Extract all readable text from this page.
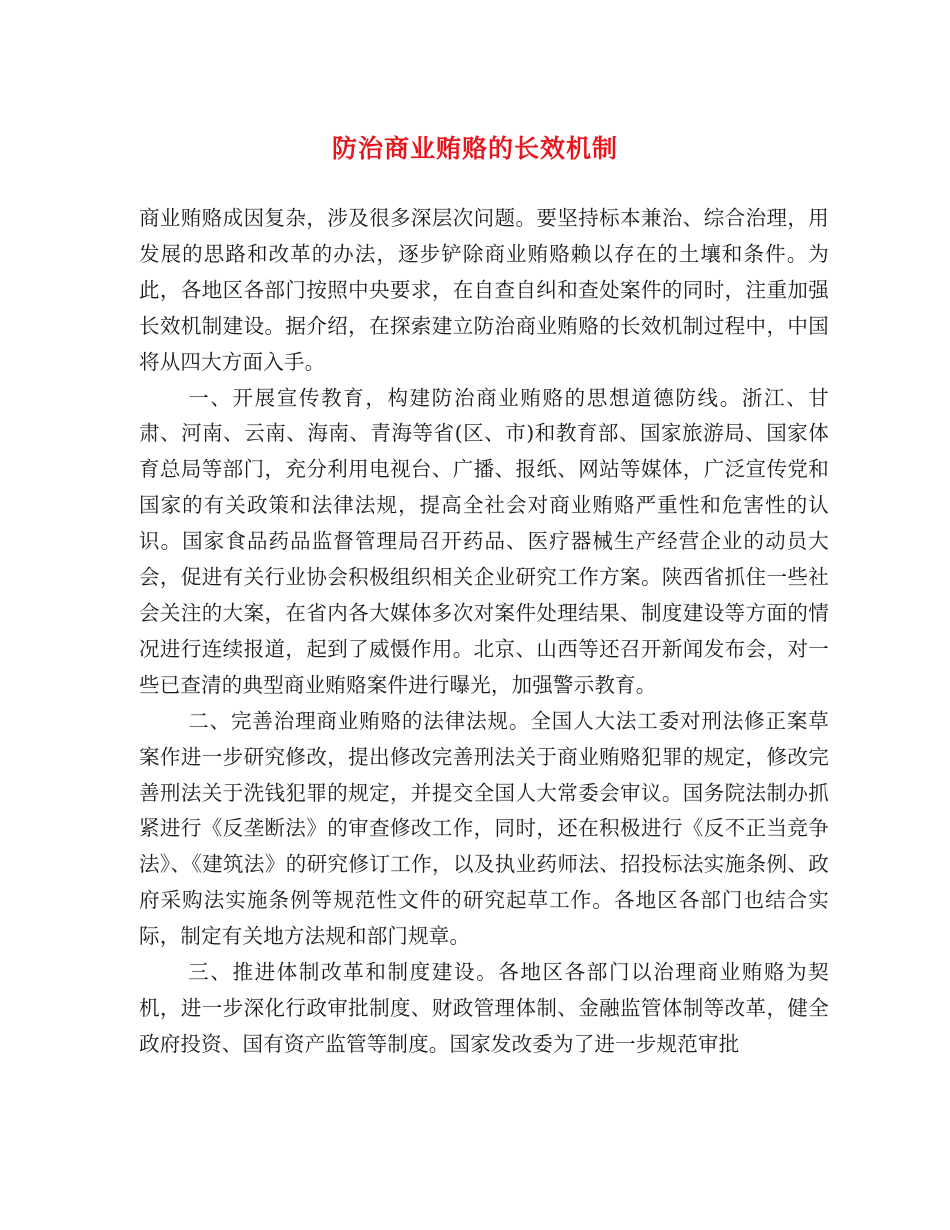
防治商业贿赂的长效机制

商业贿赂成因复杂，涉及很多深层次问题。要坚持标本兼治、综合治理，用发展的思路和改革的办法，逐步铲除商业贿赂赖以存在的土壤和条件。为此，各地区各部门按照中央要求，在自查自纠和查处案件的同时，注重加强长效机制建设。据介绍，在探索建立防治商业贿赂的长效机制过程中，中国将从四大方面入手。

一、开展宣传教育，构建防治商业贿赂的思想道德防线。浙江、甘肃、河南、云南、海南、青海等省(区、市)和教育部、国家旅游局、国家体育总局等部门，充分利用电视台、广播、报纸、网站等媒体，广泛宣传党和国家的有关政策和法律法规，提高全社会对商业贿赂严重性和危害性的认识。国家食品药品监督管理局召开药品、医疗器械生产经营企业的动员大会，促进有关行业协会积极组织相关企业研究工作方案。陕西省抓住一些社会关注的大案，在省内各大媒体多次对案件处理结果、制度建设等方面的情况进行连续报道，起到了威慑作用。北京、山西等还召开新闻发布会，对一些已查清的典型商业贿赂案件进行曝光，加强警示教育。

二、完善治理商业贿赂的法律法规。全国人大法工委对刑法修正案草案作进一步研究修改，提出修改完善刑法关于商业贿赂犯罪的规定，修改完善刑法关于洗钱犯罪的规定，并提交全国人大常委会审议。国务院法制办抓紧进行《反垄断法》的审查修改工作，同时，还在积极进行《反不正当竞争法》、《建筑法》的研究修订工作，以及执业药师法、招投标法实施条例、政府采购法实施条例等规范性文件的研究起草工作。各地区各部门也结合实际，制定有关地方法规和部门规章。

三、推进体制改革和制度建设。各地区各部门以治理商业贿赂为契机，进一步深化行政审批制度、财政管理体制、金融监管体制等改革，健全政府投资、国有资产监管等制度。国家发改委为了进一步规范审批
